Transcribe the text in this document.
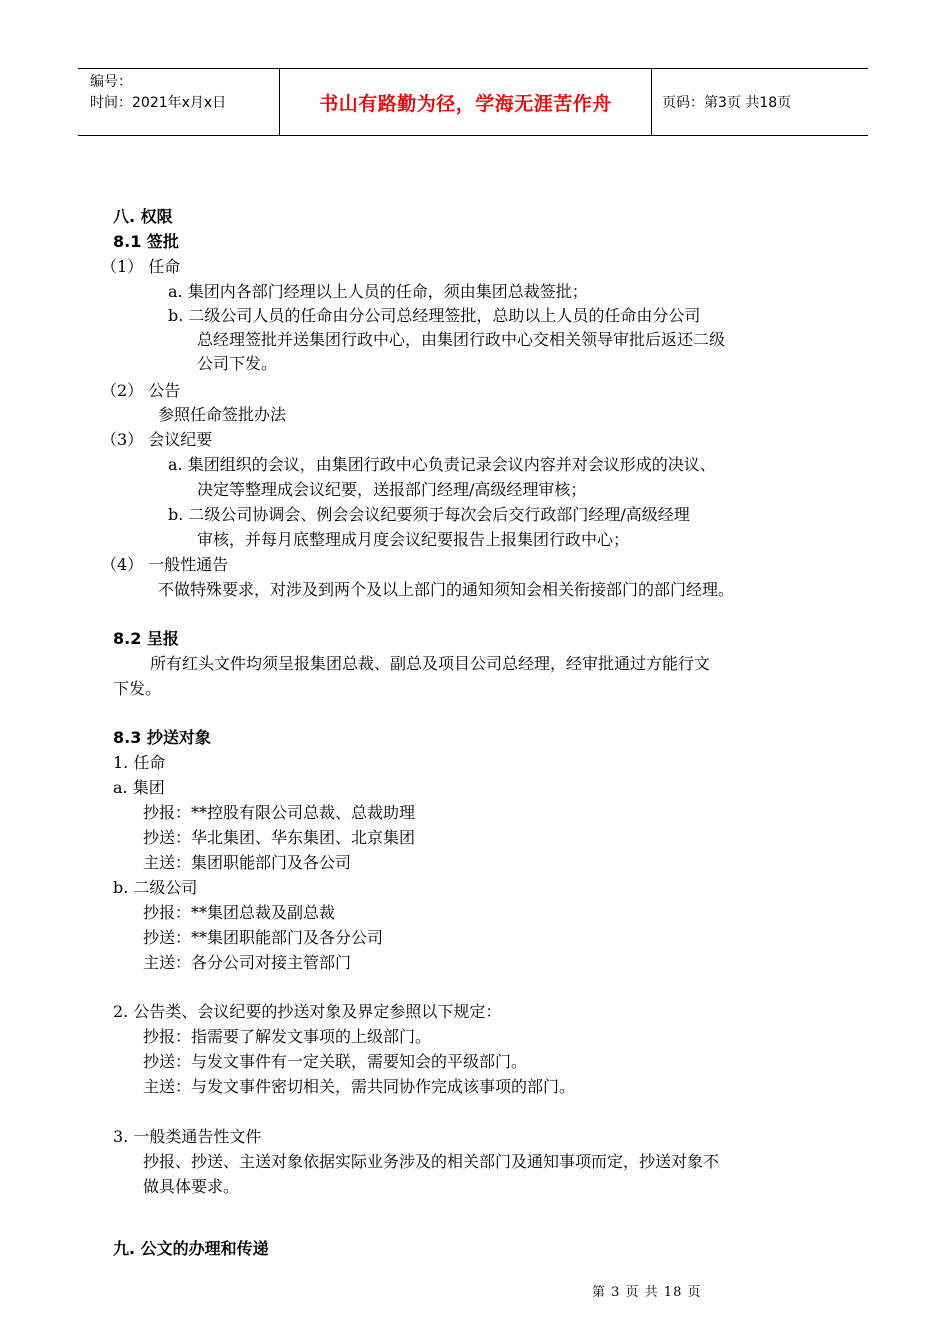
编号：
时间：2021年x月x日	书山有路勤为径，学海无涯苦作舟	页码：第3页 共18页
八. 权限
8.1 签批
（1） 任命
a. 集团内各部门经理以上人员的任命，须由集团总裁签批；
b. 二级公司人员的任命由分公司总经理签批，总助以上人员的任命由分公司
总经理签批并送集团行政中心，由集团行政中心交相关领导审批后返还二级
公司下发。
（2） 公告
参照任命签批办法
（3） 会议纪要
a. 集团组织的会议，由集团行政中心负责记录会议内容并对会议形成的决议、
决定等整理成会议纪要，送报部门经理/高级经理审核；
b. 二级公司协调会、例会会议纪要须于每次会后交行政部门经理/高级经理
审核，并每月底整理成月度会议纪要报告上报集团行政中心；
（4） 一般性通告
不做特殊要求，对涉及到两个及以上部门的通知须知会相关衔接部门的部门经理。
8.2 呈报
所有红头文件均须呈报集团总裁、副总及项目公司总经理，经审批通过方能行文
下发。
8.3 抄送对象
1. 任命
a. 集团
抄报：**控股有限公司总裁、总裁助理
抄送：华北集团、华东集团、北京集团
主送：集团职能部门及各公司
b. 二级公司
抄报：**集团总裁及副总裁
抄送：**集团职能部门及各分公司
主送：各分公司对接主管部门
2. 公告类、会议纪要的抄送对象及界定参照以下规定：
抄报：指需要了解发文事项的上级部门。
抄送：与发文事件有一定关联，需要知会的平级部门。
主送：与发文事件密切相关，需共同协作完成该事项的部门。
3. 一般类通告性文件
抄报、抄送、主送对象依据实际业务涉及的相关部门及通知事项而定，抄送对象不
做具体要求。
九. 公文的办理和传递
第 3 页 共 18 页
